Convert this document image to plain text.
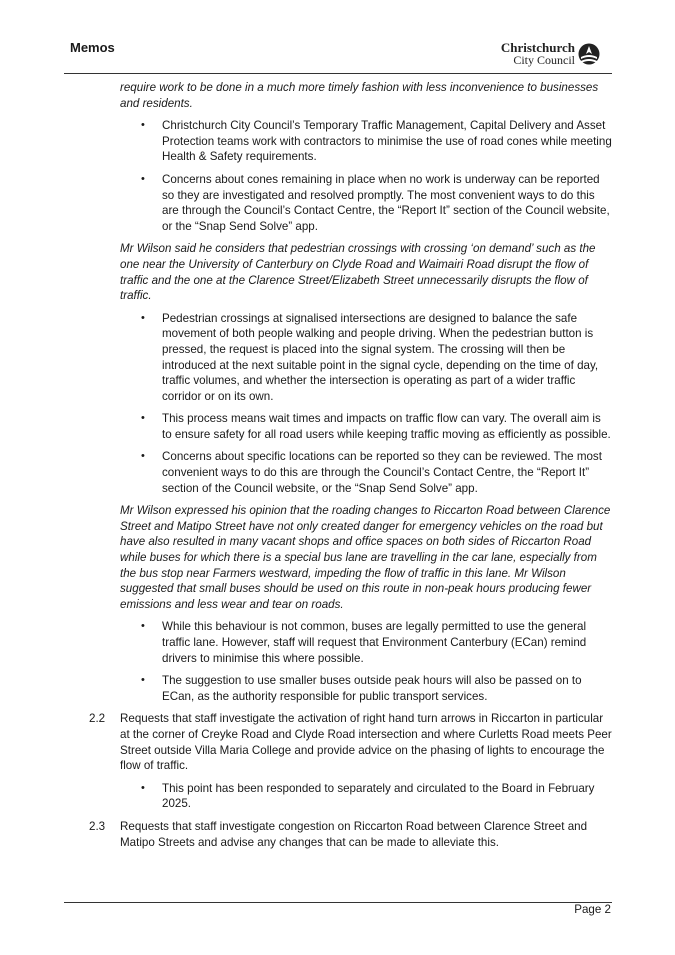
Memos	Christchurch
City Council

require work to be done in a much more timely fashion with less inconvenience to businesses and residents.

• Christchurch City Council’s Temporary Traffic Management, Capital Delivery and Asset Protection teams work with contractors to minimise the use of road cones while meeting Health & Safety requirements.
• Concerns about cones remaining in place when no work is underway can be reported so they are investigated and resolved promptly. The most convenient ways to do this are through the Council’s Contact Centre, the “Report It” section of the Council website, or the “Snap Send Solve” app.

Mr Wilson said he considers that pedestrian crossings with crossing ‘on demand’ such as the one near the University of Canterbury on Clyde Road and Waimairi Road disrupt the flow of traffic and the one at the Clarence Street/Elizabeth Street unnecessarily disrupts the flow of traffic.

• Pedestrian crossings at signalised intersections are designed to balance the safe movement of both people walking and people driving. When the pedestrian button is pressed, the request is placed into the signal system. The crossing will then be introduced at the next suitable point in the signal cycle, depending on the time of day, traffic volumes, and whether the intersection is operating as part of a wider traffic corridor or on its own.
• This process means wait times and impacts on traffic flow can vary. The overall aim is to ensure safety for all road users while keeping traffic moving as efficiently as possible.
• Concerns about specific locations can be reported so they can be reviewed. The most convenient ways to do this are through the Council’s Contact Centre, the “Report It” section of the Council website, or the “Snap Send Solve” app.

Mr Wilson expressed his opinion that the roading changes to Riccarton Road between Clarence Street and Matipo Street have not only created danger for emergency vehicles on the road but have also resulted in many vacant shops and office spaces on both sides of Riccarton Road while buses for which there is a special bus lane are travelling in the car lane, especially from the bus stop near Farmers westward, impeding the flow of traffic in this lane. Mr Wilson suggested that small buses should be used on this route in non-peak hours producing fewer emissions and less wear and tear on roads.

• While this behaviour is not common, buses are legally permitted to use the general traffic lane. However, staff will request that Environment Canterbury (ECan) remind drivers to minimise this where possible.
• The suggestion to use smaller buses outside peak hours will also be passed on to ECan, as the authority responsible for public transport services.
2.2 Requests that staff investigate the activation of right hand turn arrows in Riccarton in particular at the corner of Creyke Road and Clyde Road intersection and where Curletts Road meets Peer Street outside Villa Maria College and provide advice on the phasing of lights to encourage the flow of traffic.
• This point has been responded to separately and circulated to the Board in February 2025.
2.3 Requests that staff investigate congestion on Riccarton Road between Clarence Street and Matipo Streets and advise any changes that can be made to alleviate this.
Page 2
